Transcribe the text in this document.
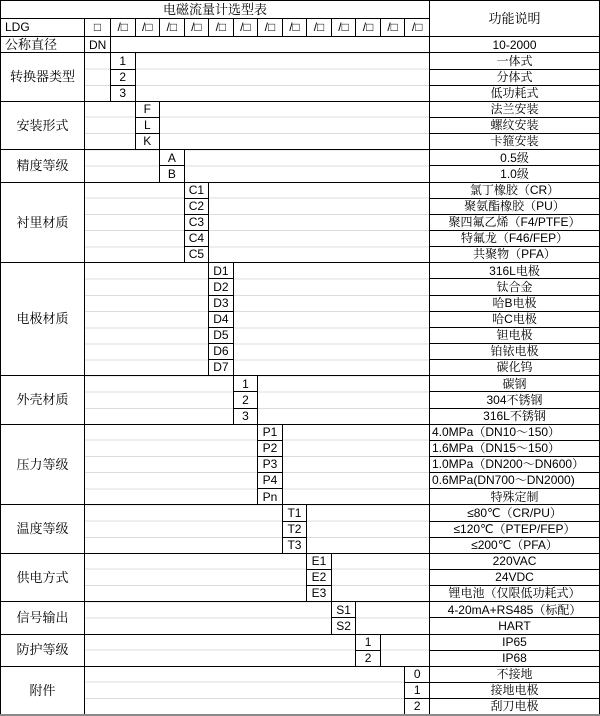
电磁流量计选型表															功能说明
LDG	□	/□	/□	/□	/□	/□	/□	/□	/□	/□	/□	/□	/□	/□	
公称直径	DN														10-2000
转换器类型		1													一体式
		2													分体式
		3													低功耗式
安装形式			F												法兰安装
			L												螺纹安装
			K												卡箍安装
精度等级				A											0.5级
				B											1.0级
衬里材质					C1										氯丁橡胶（CR）
					C2										聚氨酯橡胶（PU）
					C3										聚四氟乙烯（F4/PTFE）
					C4										特氟龙（F46/FEP）
					C5										共聚物（PFA）
电极材质						D1									316L电极
						D2									钛合金
						D3									哈B电极
						D4									哈C电极
						D5									钽电极
						D6									铂铱电极
						D7									碳化钨
外壳材质							1								碳钢
							2								304不锈钢
							3								316L不锈钢
压力等级								P1							4.0MPa（DN10～150）
								P2							1.6MPa（DN15～150）
								P3							1.0MPa（DN200～DN600）
								P4							0.6MPa(DN700～DN2000)
								Pn							特殊定制
温度等级									T1						≤80℃（CR/PU）
									T2						≤120℃（PTEP/FEP）
									T3						≤200℃（PFA）
供电方式										E1					220VAC
										E2					24VDC
										E3					锂电池（仅限低功耗式）
信号输出											S1				4-20mA+RS485（标配）
											S2				HART
防护等级												1			IP65
												2			IP68
附件														0	不接地
														1	接地电极
														2	刮刀电极
